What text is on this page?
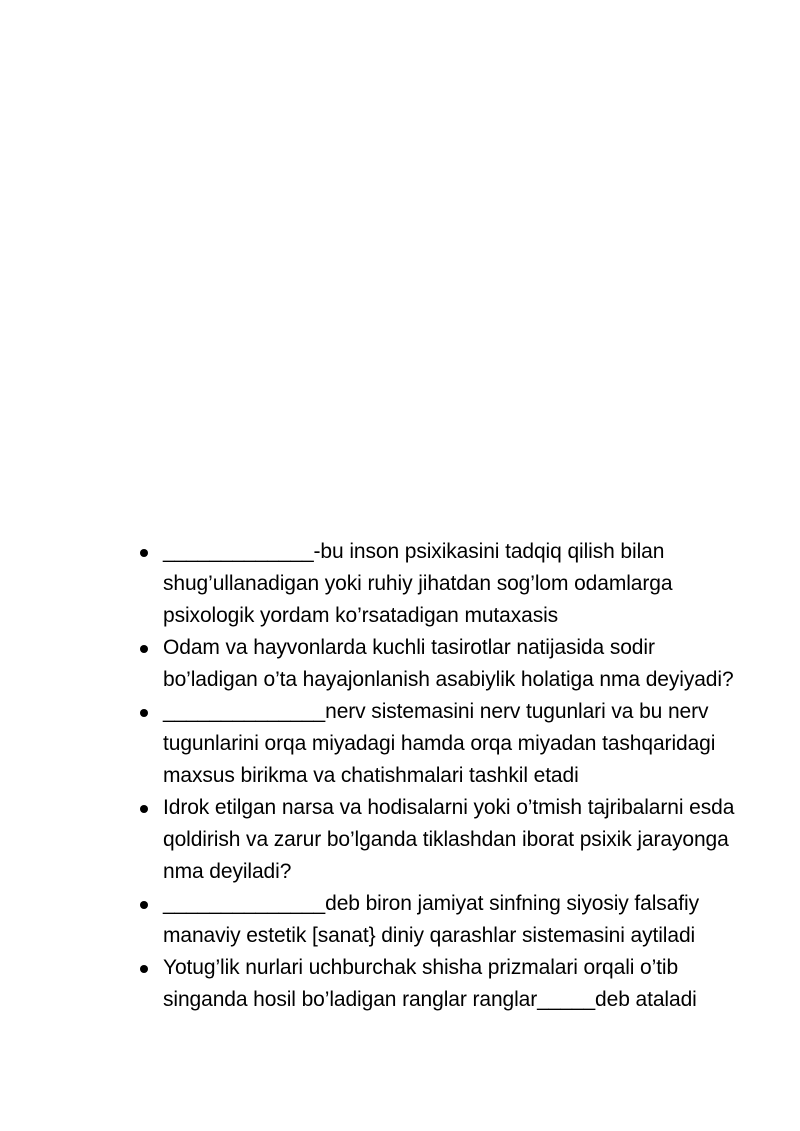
_____________-bu inson psixikasini tadqiq qilish bilan shug’ullanadigan yoki ruhiy jihatdan sog’lom odamlarga psixologik yordam ko’rsatadigan mutaxasis
Odam va hayvonlarda kuchli tasirotlar natijasida sodir bo’ladigan o’ta hayajonlanish asabiylik holatiga nma deyiyadi?
______________nerv sistemasini nerv tugunlari va bu nerv tugunlarini orqa miyadagi hamda orqa miyadan tashqaridagi maxsus birikma va chatishmalari tashkil etadi
Idrok etilgan narsa va hodisalarni yoki o’tmish tajribalarni esda qoldirish va zarur bo’lganda tiklashdan iborat psixik jarayonga nma deyiladi?
______________deb biron jamiyat sinfning siyosiy falsafiy manaviy estetik [sanat} diniy qarashlar sistemasini aytiladi
Yotug’lik nurlari uchburchak shisha prizmalari orqali o’tib singanda hosil bo’ladigan ranglar ranglar_____deb ataladi
